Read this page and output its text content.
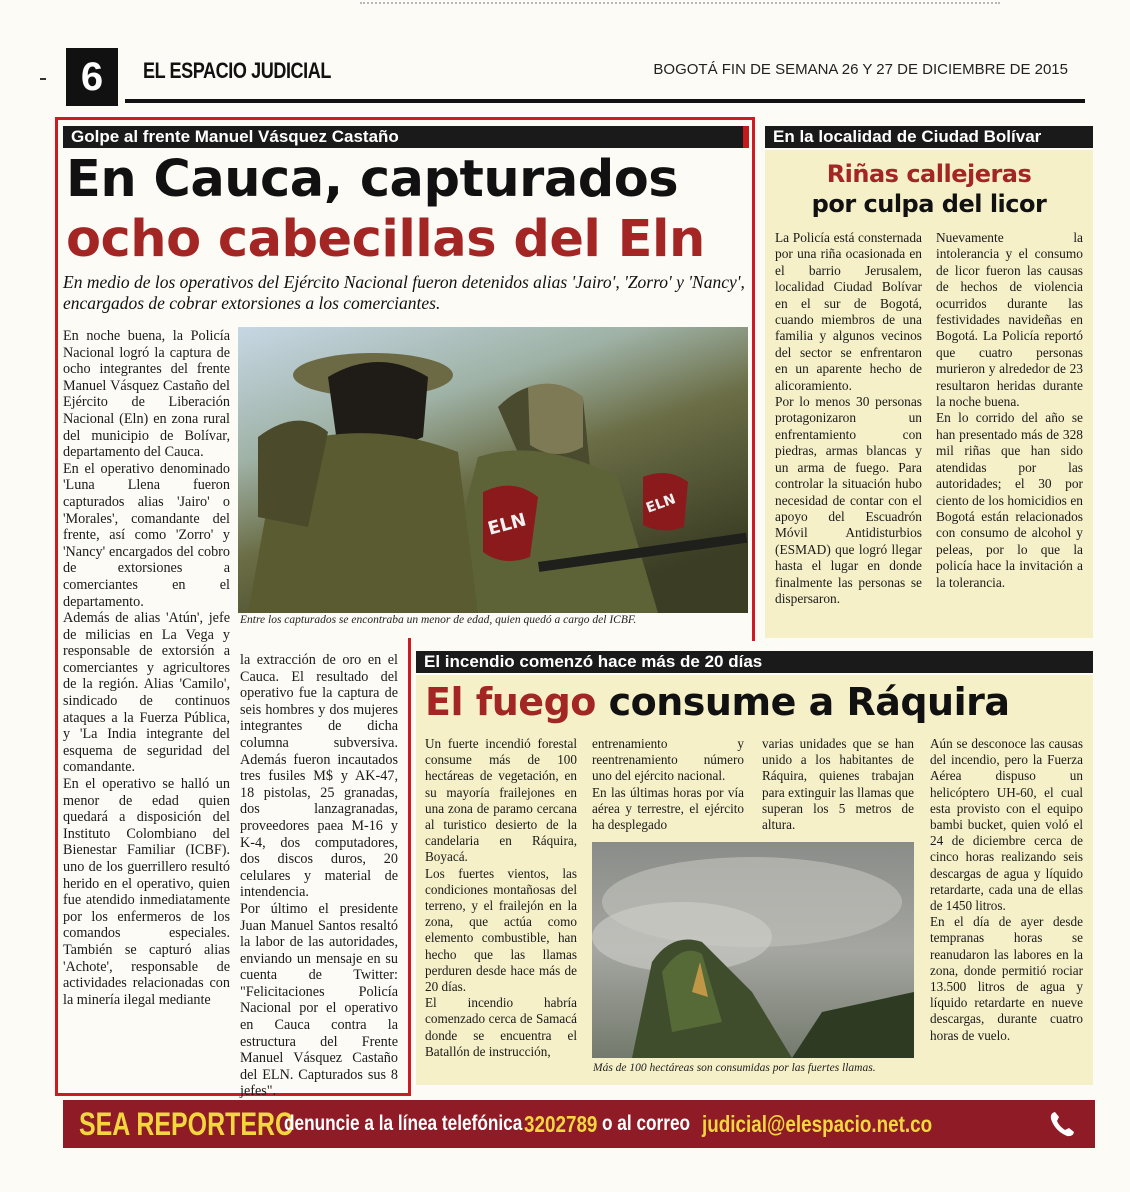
6	EL ESPACIO JUDICIAL	BOGOTÁ FIN DE SEMANA 26 Y 27 DE DICIEMBRE DE 2015
Golpe al frente Manuel Vásquez Castaño
En Cauca, capturados
ocho cabecillas del Eln
En medio de los operativos del Ejército Nacional fueron detenidos alias 'Jairo', 'Zorro' y 'Nancy', encargados de cobrar extorsiones a los comerciantes.

En noche buena, la Policía Nacional logró la captura de ocho integrantes del frente Manuel Vásquez Castaño del Ejército de Liberación Nacional (Eln) en zona rural del municipio de Bolívar, departamento del Cauca.

En el operativo denominado 'Luna Llena fueron capturados alias 'Jairo' o 'Morales', comandante del frente, así como 'Zorro' y 'Nancy' encargados del cobro de extorsiones a comerciantes en el departamento.

Además de alias 'Atún', jefe de milicias en La Vega y responsable de extorsión a comerciantes y agricultores de la región. Alias 'Camilo', sindicado de continuos ataques a la Fuerza Pública, y 'La India integrante del esquema de seguridad del comandante.

En el operativo se halló un menor de edad quien quedará a disposición del Instituto Colombiano del Bienestar Familiar (ICBF). uno de los guerrillero resultó herido en el operativo, quien fue atendido inmediatamente por los enfermeros de los comandos especiales. También se capturó alias 'Achote', responsable de actividades relacionadas con la minería ilegal mediante

ELN
ELN
Entre los capturados se encontraba un menor de edad, quien quedó a cargo del ICBF.

la extracción de oro en el Cauca. El resultado del operativo fue la captura de seis hombres y dos mujeres integrantes de dicha columna subversiva. Además fueron incautados tres fusiles M$ y AK-47, 18 pistolas, 25 granadas, dos lanzagranadas, proveedores paea M-16 y K-4, dos computadores, dos discos duros, 20 celulares y material de intendencia.

Por último el presidente Juan Manuel Santos resaltó la labor de las autoridades, enviando un mensaje en su cuenta de Twitter: "Felicitaciones Policía Nacional por el operativo en Cauca contra la estructura del Frente Manuel Vásquez Castaño del ELN. Capturados sus 8 jefes".

En la localidad de Ciudad Bolívar
Riñas callejeras
por culpa del licor

La Policía está consternada por una riña ocasionada en el barrio Jerusalem, localidad Ciudad Bolívar en el sur de Bogotá, cuando miembros de una familia y algunos vecinos del sector se enfrentaron en un aparente hecho de alicoramiento.

Por lo menos 30 personas protagonizaron un enfrentamiento con piedras, armas blancas y un arma de fuego. Para controlar la situación hubo necesidad de contar con el apoyo del Escuadrón Móvil Antidisturbios (ESMAD) que logró llegar hasta el lugar en donde finalmente las personas se dispersaron.

Nuevamente la intolerancia y el consumo de licor fueron las causas de hechos de violencia ocurridos durante las festividades navideñas en Bogotá. La Policía reportó que cuatro personas murieron y alrededor de 23 resultaron heridas durante la noche buena.

En lo corrido del año se han presentado más de 328 mil riñas que han sido atendidas por las autoridades; el 30 por ciento de los homicidios en Bogotá están relacionados con consumo de alcohol y peleas, por lo que la policía hace la invitación a la tolerancia.

El incendio comenzó hace más de 20 días
El fuego consume a Ráquira

Un fuerte incendió forestal consume más de 100 hectáreas de vegetación, en su mayoría frailejones en una zona de paramo cercana al turistico desierto de la candelaria en Ráquira, Boyacá.

Los fuertes vientos, las condiciones montañosas del terreno, y el frailejón en la zona, que actúa como elemento combustible, han hecho que las llamas perduren desde hace más de 20 días.

El incendio habría comenzado cerca de Samacá donde se encuentra el Batallón de instrucción,

entrenamiento y reentrenamiento número uno del ejército nacional.

En las últimas horas por vía aérea y terrestre, el ejército ha desplegado

varias unidades que se han unido a los habitantes de Ráquira, quienes trabajan para extinguir las llamas que superan los 5 metros de altura.

Aún se desconoce las causas del incendio, pero la Fuerza Aérea dispuso un helicóptero UH-60, el cual esta provisto con el equipo bambi bucket, quien voló el 24 de diciembre cerca de cinco horas realizando seis descargas de agua y líquido retardarte, cada una de ellas de 1450 litros.

En el día de ayer desde tempranas horas se reanudaron las labores en la zona, donde permitió rociar 13.500 litros de agua y líquido retardarte en nueve descargas, durante cuatro horas de vuelo.

Más de 100 hectáreas son consumidas por las fuertes llamas.
SEA REPORTERO
denuncie a la línea telefónica 3202789 o al correo judicial@elespacio.net.co
